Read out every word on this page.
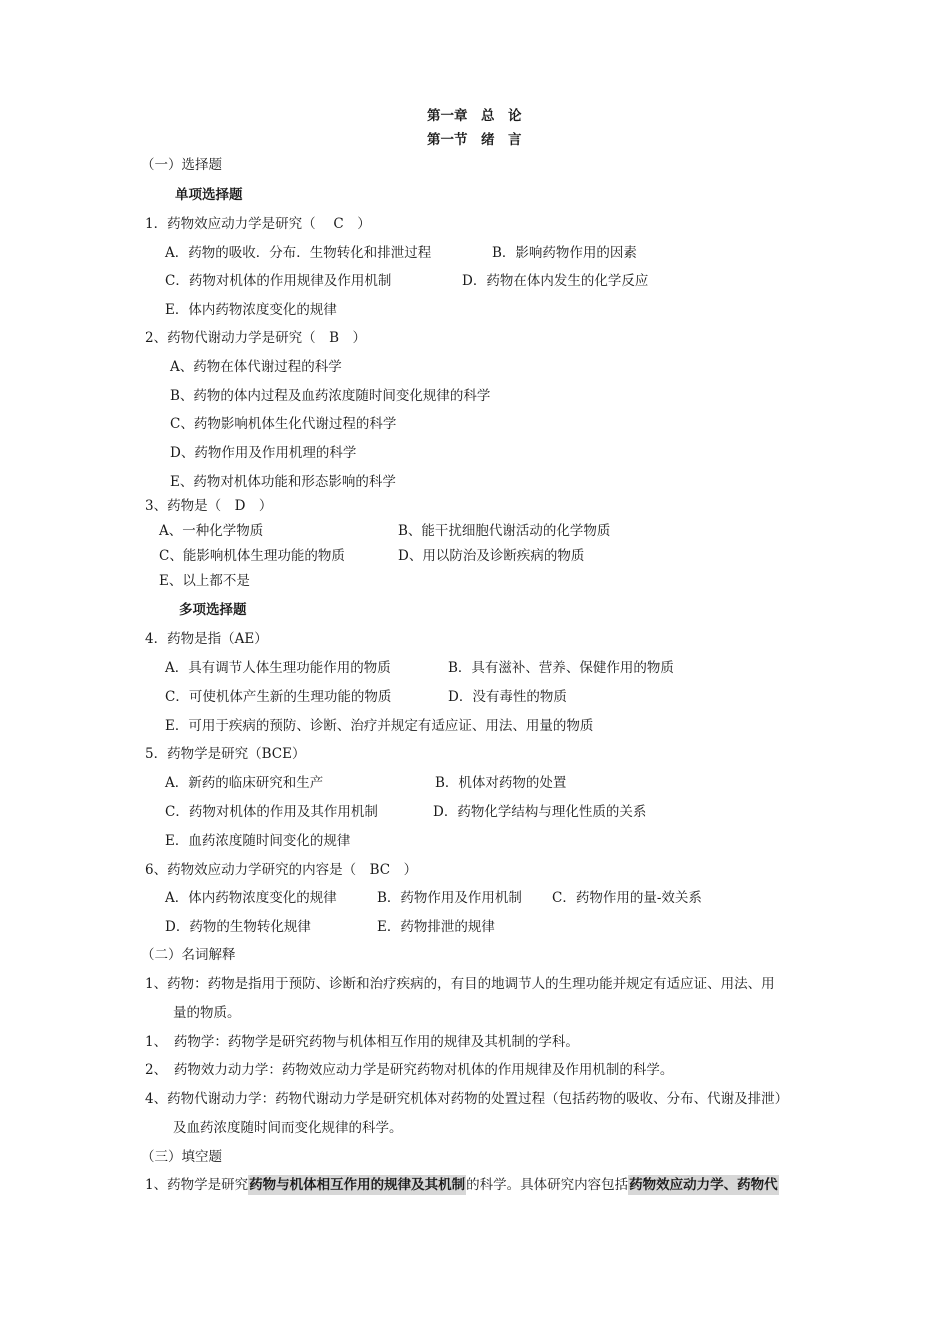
第一章　总　论
第一节　绪　言
（一）选择题
单项选择题
1．药物效应动力学是研究（　 C　）
A．药物的吸收．分布．生物转化和排泄过程	B．影响药物作用的因素
C．药物对机体的作用规律及作用机制	D．药物在体内发生的化学反应
E．体内药物浓度变化的规律
2、药物代谢动力学是研究（　B　）
A、药物在体代谢过程的科学
B、药物的体内过程及血药浓度随时间变化规律的科学
C、药物影响机体生化代谢过程的科学
D、药物作用及作用机理的科学
E、药物对机体功能和形态影响的科学
3、药物是（　D　）
A、一种化学物质	B、能干扰细胞代谢活动的化学物质
C、能影响机体生理功能的物质	D、用以防治及诊断疾病的物质
E、以上都不是
多项选择题
4．药物是指（AE）
A．具有调节人体生理功能作用的物质	B．具有滋补、营养、保健作用的物质
C．可使机体产生新的生理功能的物质	D．没有毒性的物质
E．可用于疾病的预防、诊断、治疗并规定有适应证、用法、用量的物质
5．药物学是研究（BCE）
A．新药的临床研究和生产	B．机体对药物的处置
C．药物对机体的作用及其作用机制	D．药物化学结构与理化性质的关系
E．血药浓度随时间变化的规律
6、药物效应动力学研究的内容是（　BC　）
A．体内药物浓度变化的规律	B．药物作用及作用机制 C．药物作用的量-效关系
D．药物的生物转化规律	E．药物排泄的规律
（二）名词解释
1、药物：药物是指用于预防、诊断和治疗疾病的，有目的地调节人的生理功能并规定有适应证、用法、用
量的物质。
1、　药物学：药物学是研究药物与机体相互作用的规律及其机制的学科。
2、　药物效力动力学：药物效应动力学是研究药物对机体的作用规律及作用机制的科学。
4、药物代谢动力学：药物代谢动力学是研究机体对药物的处置过程（包括药物的吸收、分布、代谢及排泄）
及血药浓度随时间而变化规律的科学。
（三）填空题
1、药物学是研究药物与机体相互作用的规律及其机制的科学。具体研究内容包括药物效应动力学、药物代
